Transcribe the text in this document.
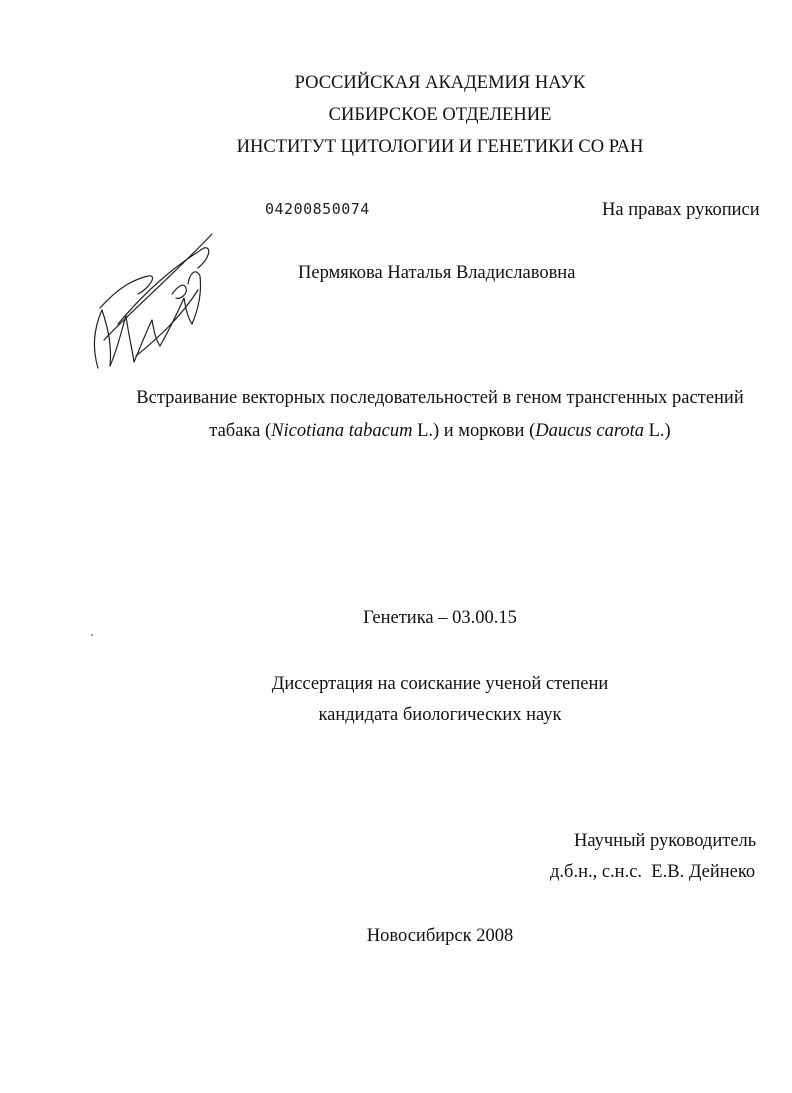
РОССИЙСКАЯ АКАДЕМИЯ НАУК
СИБИРСКОЕ ОТДЕЛЕНИЕ
ИНСТИТУТ ЦИТОЛОГИИ И ГЕНЕТИКИ СО РАН
04200850074	На правах рукописи
Пермякова Наталья Владиславовна
Встраивание векторных последовательностей в геном трансгенных растений
табака (Nicotiana tabacum L.) и моркови (Daucus carota L.)
Генетика – 03.00.15
Диссертация на соискание ученой степени
кандидата биологических наук
Научный руководитель
д.б.н., с.н.с.  Е.В. Дейнеко
Новосибирск 2008
